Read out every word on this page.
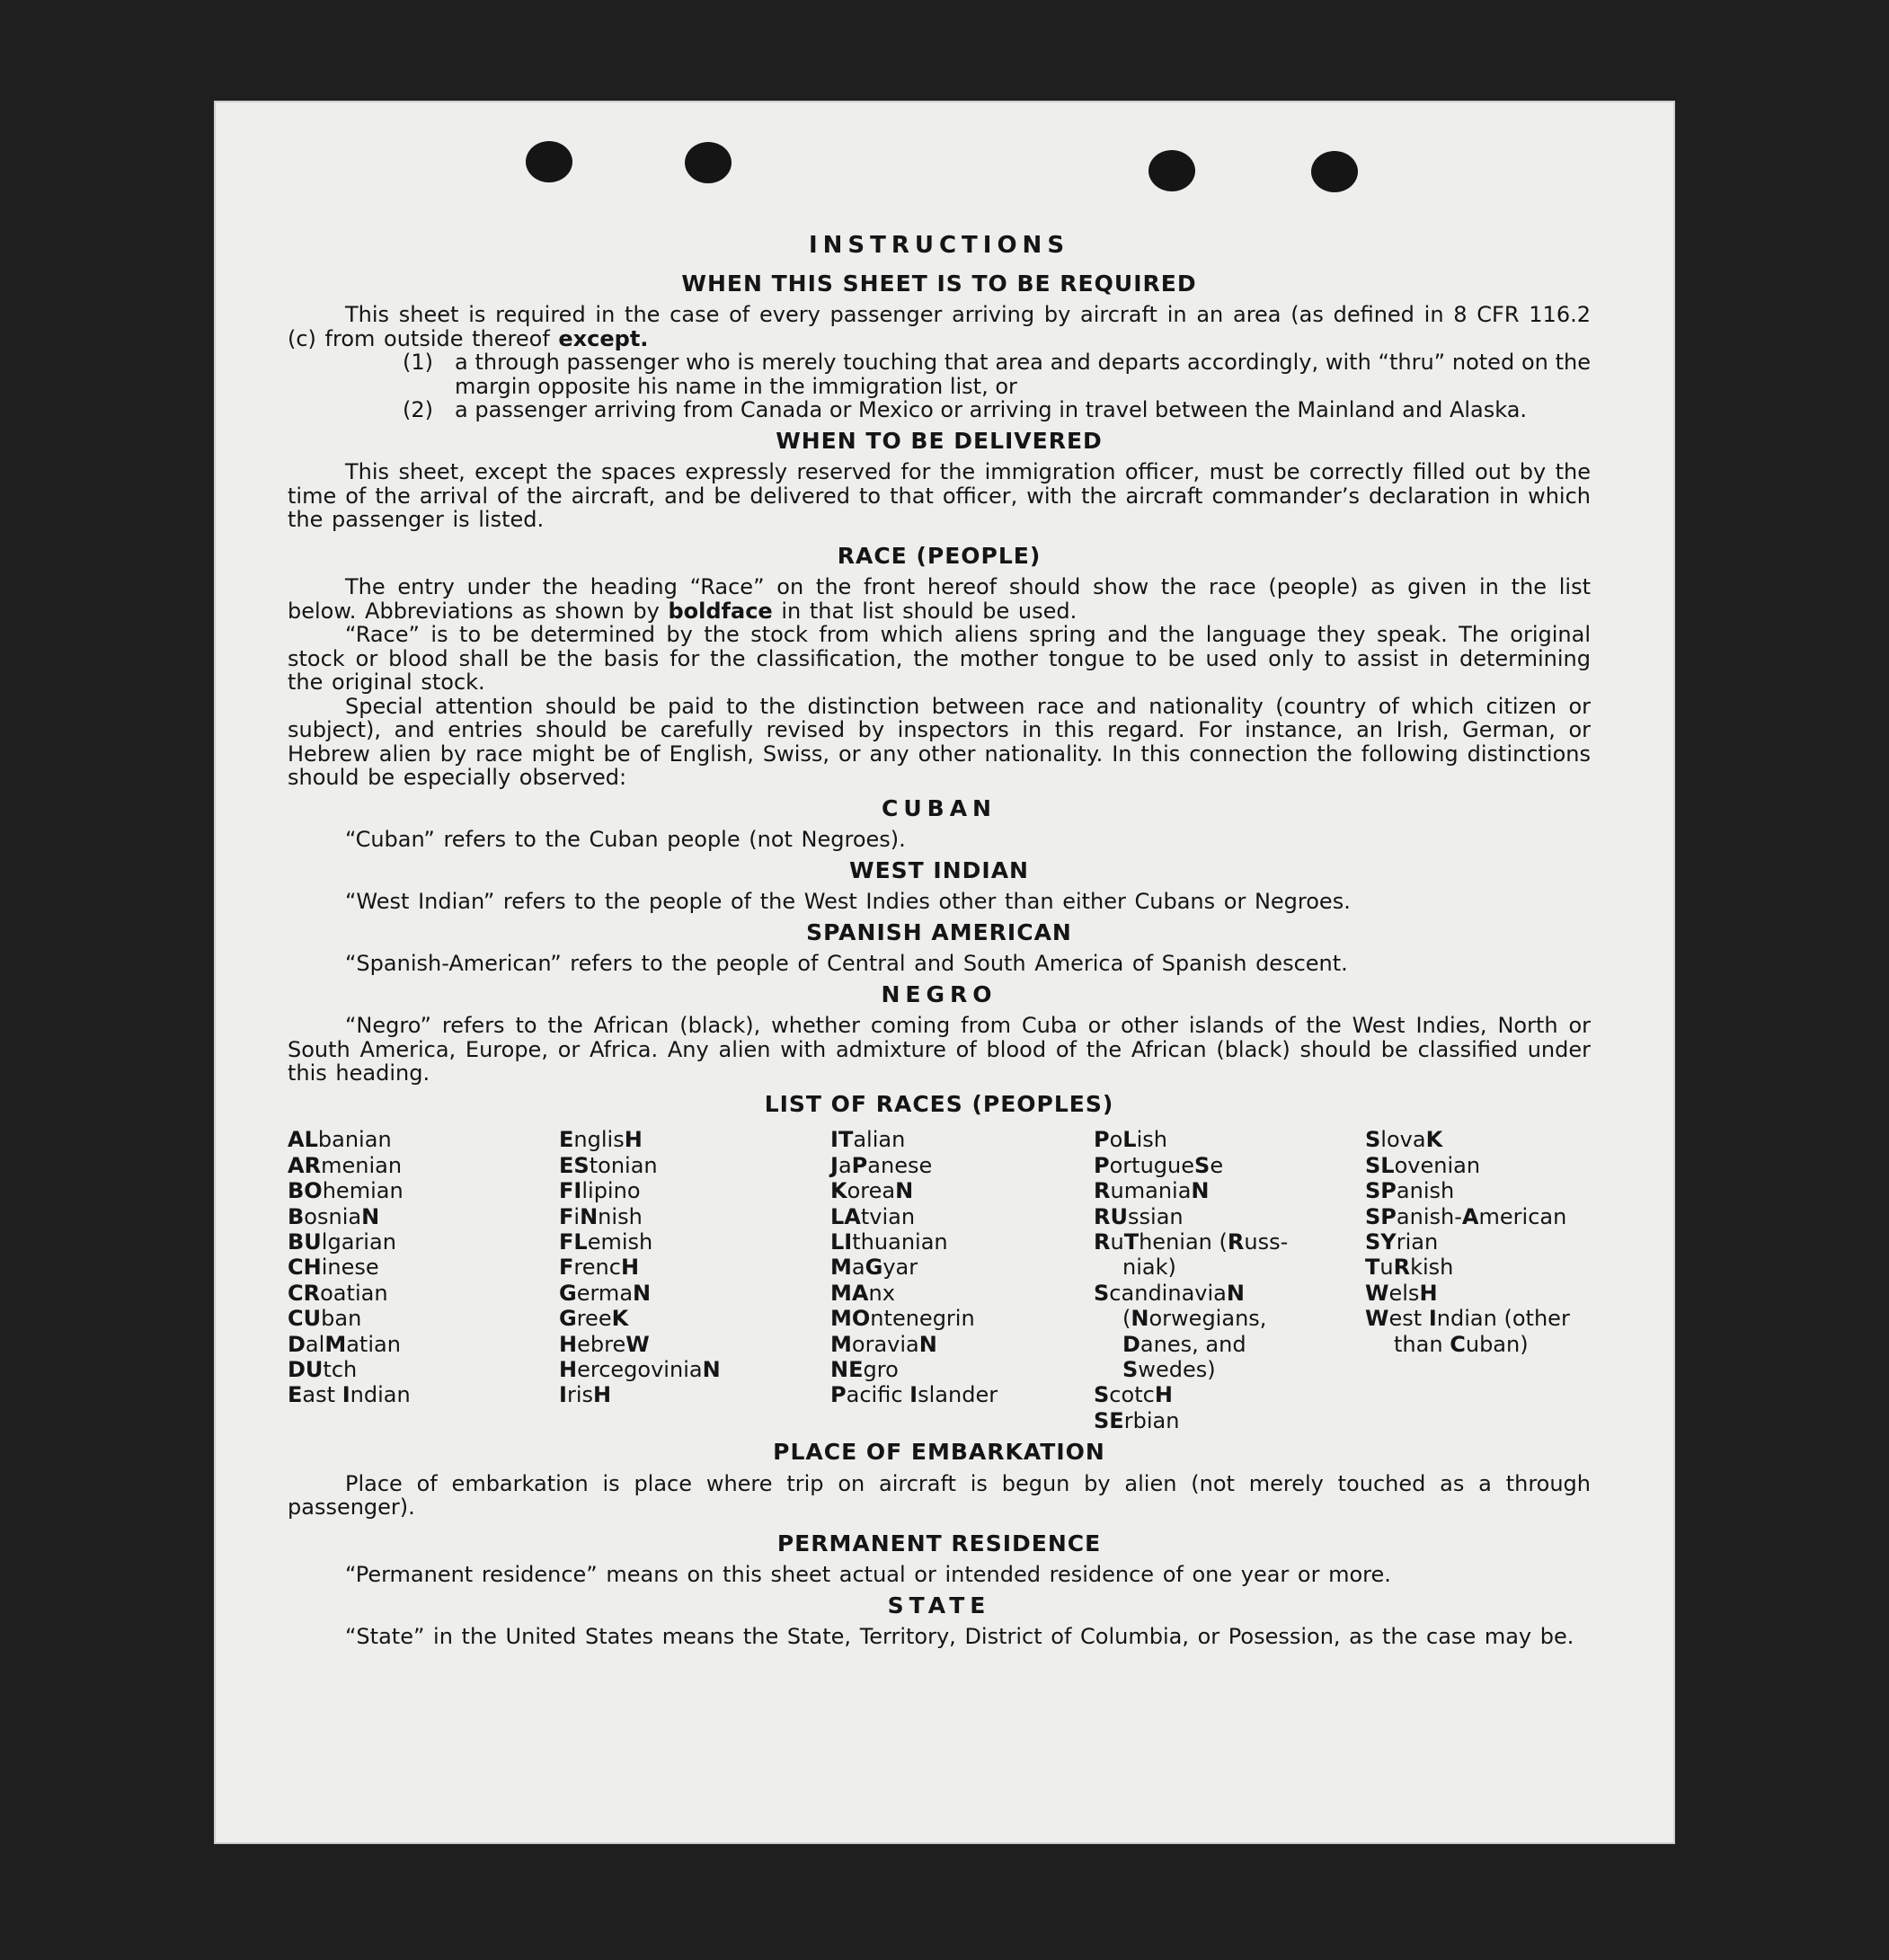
INSTRUCTIONS
WHEN THIS SHEET IS TO BE REQUIRED

This sheet is required in the case of every passenger arriving by aircraft in an area (as defined in 8 CFR 116.2 (c) from outside thereof except.

(1)	a through passenger who is merely touching that area and departs accordingly, with “thru” noted on the margin opposite his name in the immigration list, or
(2)	a passenger arriving from Canada or Mexico or arriving in travel between the Mainland and Alaska.
WHEN TO BE DELIVERED

This sheet, except the spaces expressly reserved for the immigration officer, must be correctly filled out by the time of the arrival of the aircraft, and be delivered to that officer, with the aircraft commander’s declaration in which the passenger is listed.

RACE (PEOPLE)

The entry under the heading “Race” on the front hereof should show the race (people) as given in the list below. Abbreviations as shown by boldface in that list should be used.

“Race” is to be determined by the stock from which aliens spring and the language they speak. The original stock or blood shall be the basis for the classification, the mother tongue to be used only to assist in determining the original stock.

Special attention should be paid to the distinction between race and nationality (country of which citizen or subject), and entries should be carefully revised by inspectors in this regard. For instance, an Irish, German, or Hebrew alien by race might be of English, Swiss, or any other nationality. In this connection the following distinctions should be especially observed:

CUBAN

“Cuban” refers to the Cuban people (not Negroes).

WEST INDIAN

“West Indian” refers to the people of the West Indies other than either Cubans or Negroes.

SPANISH AMERICAN

“Spanish-American” refers to the people of Central and South America of Spanish descent.

NEGRO

“Negro” refers to the African (black), whether coming from Cuba or other islands of the West Indies, North or South America, Europe, or Africa. Any alien with admixture of blood of the African (black) should be classified under this heading.

LIST OF RACES (PEOPLES)
ALbanian
ARmenian
BOhemian
BosniaN
BUlgarian
CHinese
CRoatian
CUban
DalMatian
DUtch
East Indian
EnglisH
EStonian
FIlipino
FiNnish
FLemish
FrencH
GermaN
GreeK
HebreW
HercegoviniaN
IrisH
ITalian
JaPanese
KoreaN
LAtvian
LIthuanian
MaGyar
MAnx
MOntenegrin
MoraviaN
NEgro
Pacifc Islander
PoLish
PortugueSe
RumaniaN
RUssian
RuThenian (Russ-
niak)
ScandinaviaN
(Norwegians,
Danes, and
Swedes)
ScotcH
SErbian
SlovaK
SLovenian
SPanish
SPanish-American
SYrian
TuRkish
WelsH
West Indian (other
than Cuban)
PLACE OF EMBARKATION

Place of embarkation is place where trip on aircraft is begun by alien (not merely touched as a through passenger).

PERMANENT RESIDENCE

“Permanent residence” means on this sheet actual or intended residence of one year or more.

STATE

“State” in the United States means the State, Territory, District of Columbia, or Posession, as the case may be.
